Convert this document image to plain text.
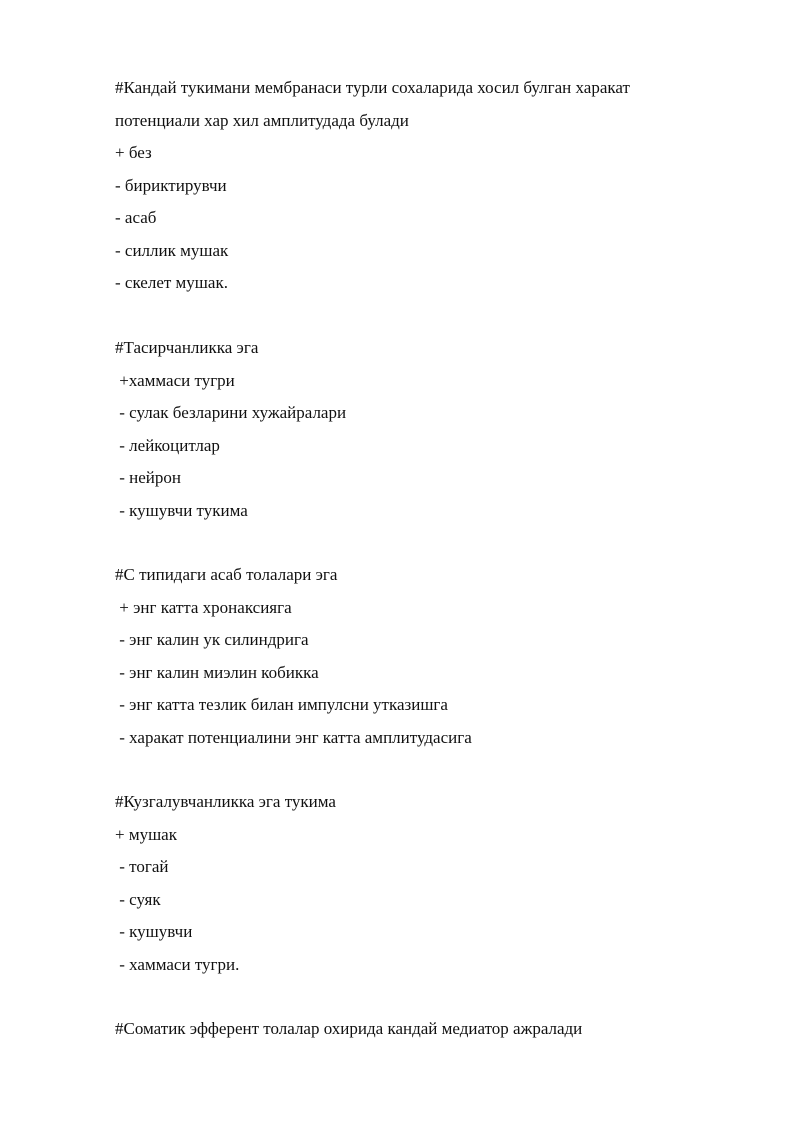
#Кандай тукимани мембранаси турли сохаларида хосил булган харакат
потенциали хар хил амплитудада булади
+ без
- бириктирувчи
- асаб
- силлик мушак
- скелет мушак.
#Тасирчанликка эга
+хаммаси тугри
- сулак безларини хужайралари
- лейкоцитлар
- нейрон
- кушувчи тукима
#С типидаги асаб толалари эга
+ энг катта хронаксияга
- энг калин ук силиндрига
- энг калин миэлин кобикка
- энг катта тезлик билан импулсни утказишга
- харакат потенциалини энг катта амплитудасига
#Кузгалувчанликка эга тукима
+ мушак
- тогай
- суяк
- кушувчи
- хаммаси тугри.
#Соматик эфферент толалар охирида кандай медиатор ажралади
